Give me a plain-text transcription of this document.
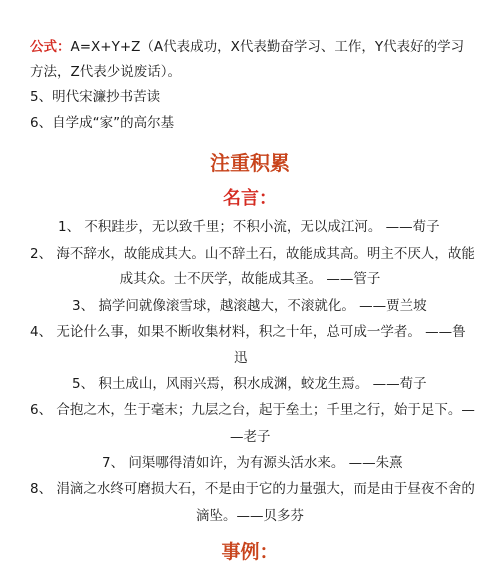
公式：A=X+Y+Z（A代表成功，X代表勤奋学习、工作，Y代表好的学习
方法，Z代表少说废话）。
5、明代宋濂抄书苦读
6、自学成“家”的高尔基
注重积累
名言：
1、 不积跬步，无以致千里；不积小流，无以成江河。 ——荀子
2、 海不辞水，故能成其大。山不辞土石，故能成其高。明主不厌人，故能
成其众。士不厌学，故能成其圣。 ——管子
3、 搞学问就像滚雪球，越滚越大，不滚就化。 ——贾兰坡
4、 无论什么事，如果不断收集材料，积之十年，总可成一学者。 ——鲁
迅
5、 积土成山，风雨兴焉，积水成渊，蛟龙生焉。 ——荀子
6、 合抱之木，生于毫末；九层之台，起于垒土；千里之行，始于足下。—
—老子
7、 问渠哪得清如许，为有源头活水来。 ——朱熹
8、 涓滴之水终可磨损大石，不是由于它的力量强大，而是由于昼夜不舍的
滴坠。——贝多芬
事例：
